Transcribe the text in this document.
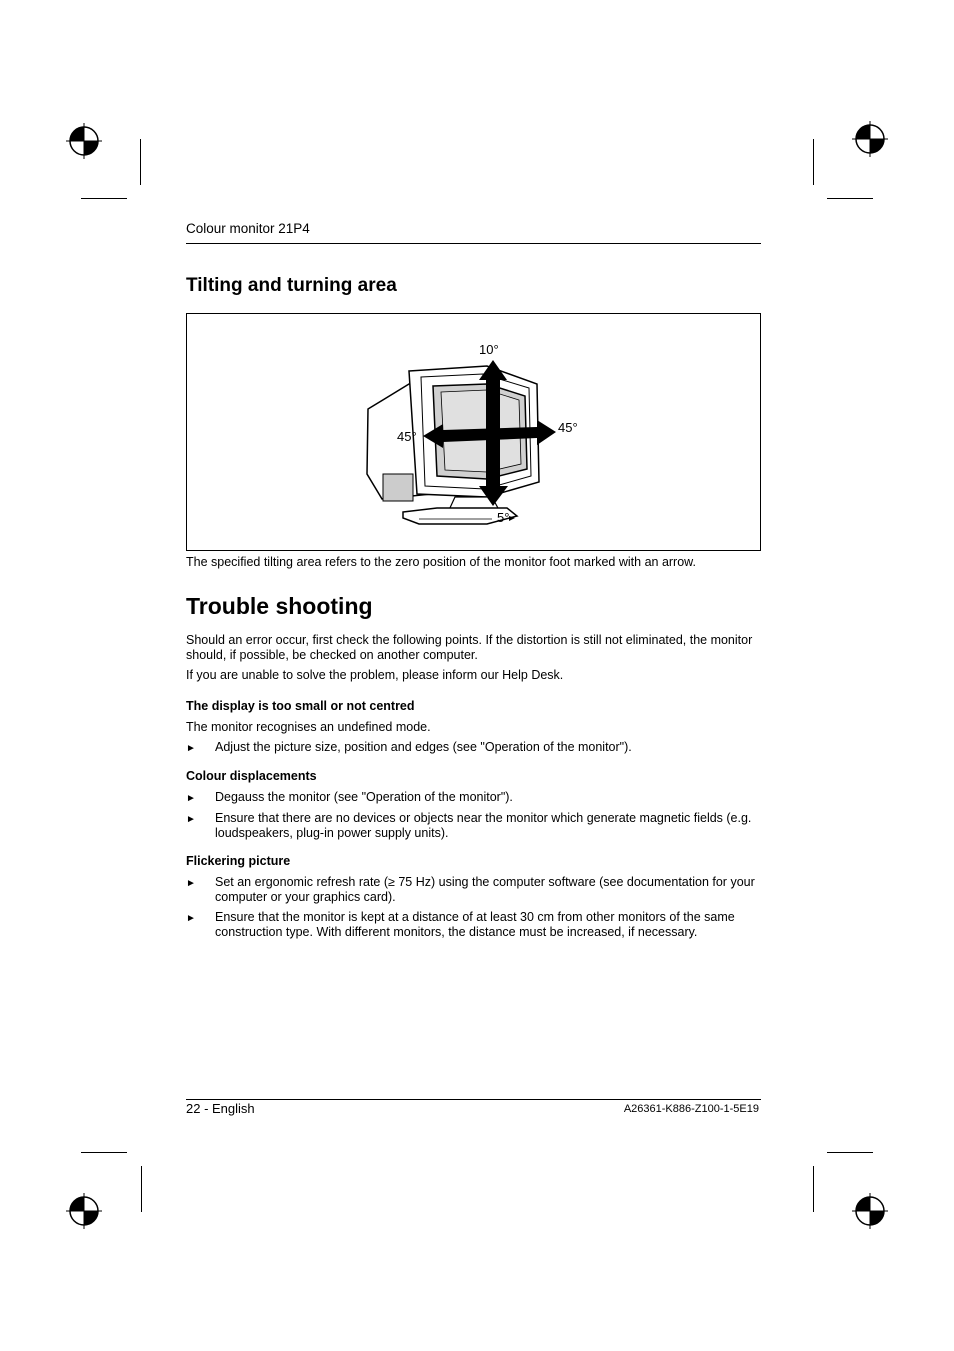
Colour monitor 21P4
Tilting and turning area
10°
45°
45°
5°
The specified tilting area refers to the zero position of the monitor foot marked with an arrow.
Trouble shooting
Should an error occur, first check the following points. If the distortion is still not eliminated, the monitor should, if possible, be checked on another computer.
If you are unable to solve the problem, please inform our Help Desk.
The display is too small or not centred
The monitor recognises an undefined mode.
► Adjust the picture size, position and edges (see "Operation of the monitor").
Colour displacements
► Degauss the monitor (see "Operation of the monitor").
► Ensure that there are no devices or objects near the monitor which generate magnetic fields (e.g. loudspeakers, plug-in power supply units).
Flickering picture
► Set an ergonomic refresh rate (≥ 75 Hz) using the computer software (see documentation for your computer or your graphics card).
► Ensure that the monitor is kept at a distance of at least 30 cm from other monitors of the same construction type. With different monitors, the distance must be increased, if necessary.
22 - English	A26361-K886-Z100-1-5E19
